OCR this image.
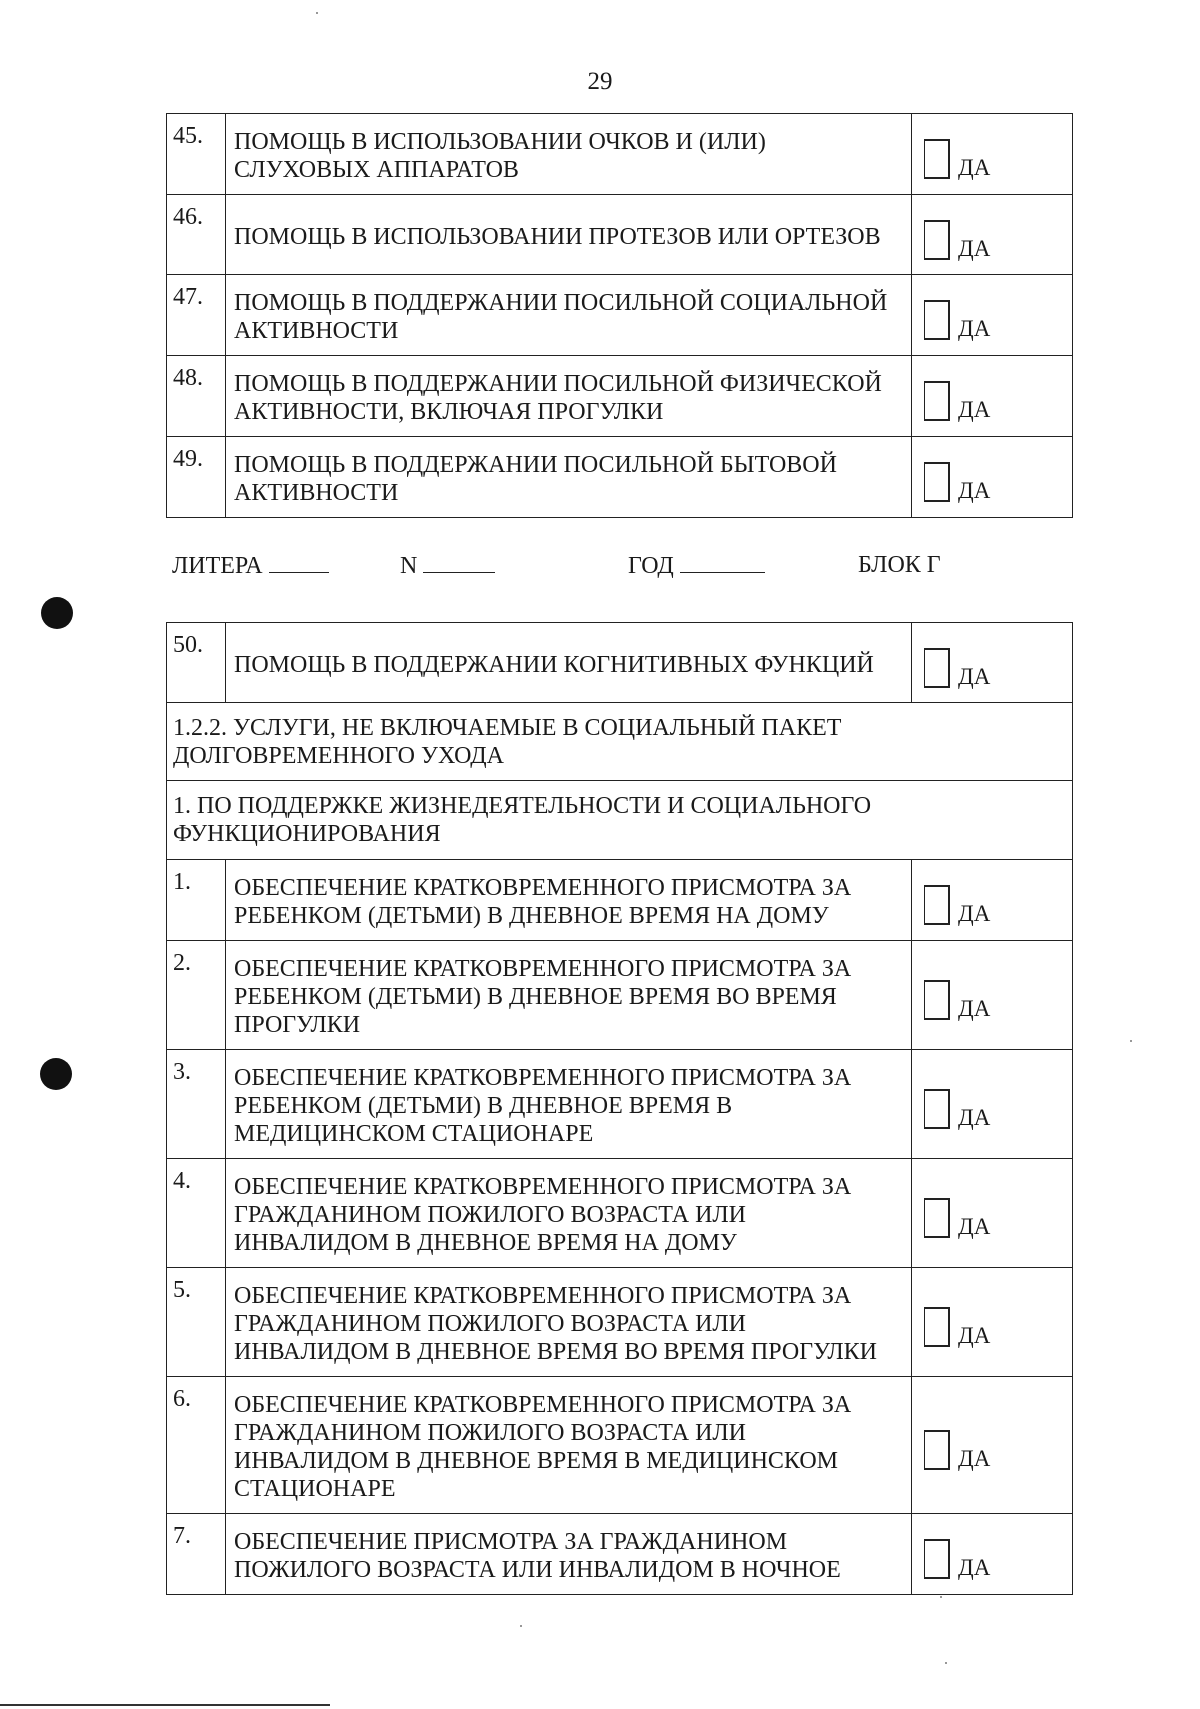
29
45.	ПОМОЩЬ В ИСПОЛЬЗОВАНИИ ОЧКОВ И (ИЛИ) СЛУХОВЫХ АППАРАТОВ	ДА

46.	ПОМОЩЬ В ИСПОЛЬЗОВАНИИ ПРОТЕЗОВ ИЛИ ОРТЕЗОВ	ДА

47.	ПОМОЩЬ В ПОДДЕРЖАНИИ ПОСИЛЬНОЙ СОЦИАЛЬНОЙ АКТИВНОСТИ	ДА

48.	ПОМОЩЬ В ПОДДЕРЖАНИИ ПОСИЛЬНОЙ ФИЗИЧЕСКОЙ АКТИВНОСТИ, ВКЛЮЧАЯ ПРОГУЛКИ	ДА

49.	ПОМОЩЬ В ПОДДЕРЖАНИИ ПОСИЛЬНОЙ БЫТОВОЙ АКТИВНОСТИ	ДА
ЛИТЕРА	N	ГОД	БЛОК Г
50.	ПОМОЩЬ В ПОДДЕРЖАНИИ КОГНИТИВНЫХ ФУНКЦИЙ	ДА

1.2.2. УСЛУГИ, НЕ ВКЛЮЧАЕМЫЕ В СОЦИАЛЬНЫЙ ПАКЕТ ДОЛГОВРЕМЕННОГО УХОДА		
1. ПО ПОДДЕРЖКЕ ЖИЗНЕДЕЯТЕЛЬНОСТИ И СОЦИАЛЬНОГО ФУНКЦИОНИРОВАНИЯ		
1.	ОБЕСПЕЧЕНИЕ КРАТКОВРЕМЕННОГО ПРИСМОТРА ЗА РЕБЕНКОМ (ДЕТЬМИ) В ДНЕВНОЕ ВРЕМЯ НА ДОМУ	ДА

2.	ОБЕСПЕЧЕНИЕ КРАТКОВРЕМЕННОГО ПРИСМОТРА ЗА РЕБЕНКОМ (ДЕТЬМИ) В ДНЕВНОЕ ВРЕМЯ ВО ВРЕМЯ ПРОГУЛКИ	ДА

3.	ОБЕСПЕЧЕНИЕ КРАТКОВРЕМЕННОГО ПРИСМОТРА ЗА РЕБЕНКОМ (ДЕТЬМИ) В ДНЕВНОЕ ВРЕМЯ В МЕДИЦИНСКОМ СТАЦИОНАРЕ	ДА

4.	ОБЕСПЕЧЕНИЕ КРАТКОВРЕМЕННОГО ПРИСМОТРА ЗА ГРАЖДАНИНОМ ПОЖИЛОГО ВОЗРАСТА ИЛИ ИНВАЛИДОМ В ДНЕВНОЕ ВРЕМЯ НА ДОМУ	ДА

5.	ОБЕСПЕЧЕНИЕ КРАТКОВРЕМЕННОГО ПРИСМОТРА ЗА ГРАЖДАНИНОМ ПОЖИЛОГО ВОЗРАСТА ИЛИ ИНВАЛИДОМ В ДНЕВНОЕ ВРЕМЯ ВО ВРЕМЯ ПРОГУЛКИ	ДА

6.	ОБЕСПЕЧЕНИЕ КРАТКОВРЕМЕННОГО ПРИСМОТРА ЗА ГРАЖДАНИНОМ ПОЖИЛОГО ВОЗРАСТА ИЛИ ИНВАЛИДОМ В ДНЕВНОЕ ВРЕМЯ В МЕДИЦИНСКОМ СТАЦИОНАРЕ	ДА

7.	ОБЕСПЕЧЕНИЕ ПРИСМОТРА ЗА ГРАЖДАНИНОМ ПОЖИЛОГО ВОЗРАСТА ИЛИ ИНВАЛИДОМ В НОЧНОЕ	ДА
